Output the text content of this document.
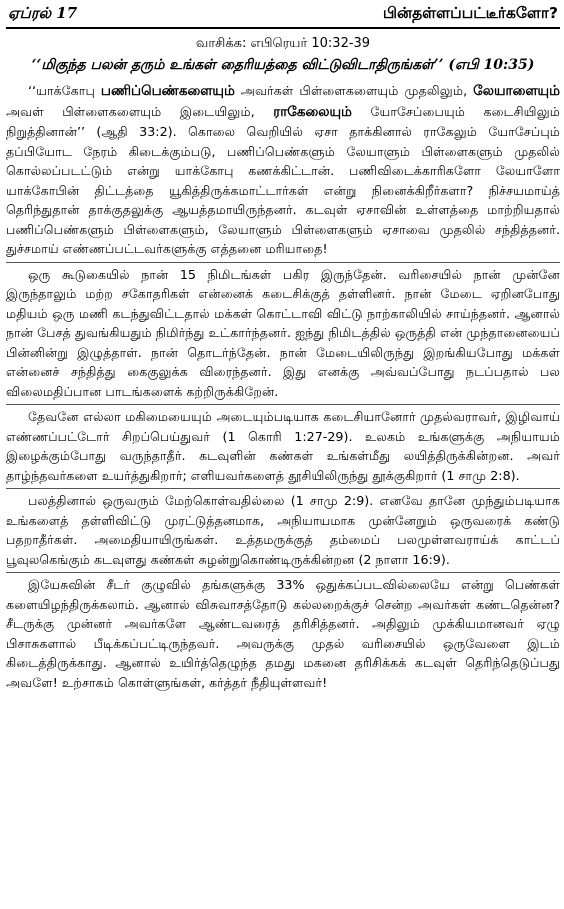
ஏப்ரல் 17	பின்தள்ளப்பட்டீர்களோ?
வாசிக்க: எபிரெயர் 10:32-39
‘‘மிகுந்த பலன் தரும் உங்கள் தைரியத்தை விட்டுவிடாதிருங்கள்’’ (எபி 10:35)

‘‘யாக்கோபு பணிப்பெண்களையும் அவர்கள் பிள்ளைகளையும் முதலிலும், லேயாளையும் அவள் பிள்ளைகளையும் இடையிலும், ராகேலையும் யோசேப்பையும் கடைசியிலும் நிறுத்தினான்’’ (ஆதி 33:2). கொலை வெறியில் ஏசா தாக்கினால் ராகேலும் யோசேப்பும் தப்பியோட நேரம் கிடைக்கும்படு, பணிப்பெண்களும் லேயாளும் பிள்ளைகளும் முதலில் கொல்லப்படட்டும் என்று யாக்கோபு கணக்கிட்டான். பணிவிடைக்காரிகளோ லேயாளோ யாக்கோபின் திட்டத்தை யூகித்திருக்கமாட்டார்கள் என்று நினைக்கிறீர்களா? நிச்சயமாய்த் தெரிந்துதான் தாக்குதலுக்கு ஆயத்தமாயிருந்தனர். கடவுள் ஏசாவின் உள்ளத்தை மாற்றியதால் பணிப்பெண்களும் பிள்ளைகளும், லேயாளும் பிள்ளைகளும் ஏசாவை முதலில் சந்தித்தனர். துச்சமாய் எண்ணப்பட்டவர்களுக்கு எத்தனை மரியாதை!

ஒரு கூடுகையில் நான் 15 நிமிடங்கள் பகிர இருந்தேன். வரிசையில் நான் முன்னே இருந்தாலும் மற்ற சகோதரிகள் என்னைக் கடைசிக்குத் தள்ளினர். நான் மேடை ஏறினபோது மதியம் ஒரு மணி கடந்துவிட்டதால் மக்கள் கொட்டாவி விட்டு நாற்காலியில் சாய்ந்தனர். ஆனால் நான் பேசத் துவங்கியதும் நிமிர்ந்து உட்கார்ந்தனர். ஐந்து நிமிடத்தில் ஒருத்தி என் முந்தானையைப் பின்னின்று இழுத்தாள். நான் தொடர்ந்தேன். நான் மேடையிலிருந்து இறங்கியபோது மக்கள் என்னைச் சந்தித்து கைகுலுக்க விரைந்தனர். இது எனக்கு அவ்வப்போது நடப்பதால் பல விலைமதிப்பான பாடங்களைக் கற்றிருக்கிறேன்.

தேவனே எல்லா மகிமையையும் அடையும்படியாக கடைசியானோர் முதல்வராவர், இழிவாய் எண்ணப்பட்டோர் சிறப்பெய்துவர் (1 கொரி 1:27-29). உலகம் உங்களுக்கு அநியாயம் இழைக்கும்போது வருந்தாதீர். கடவுளின் கண்கள் உங்கள்மீது லயித்திருக்கின்றன. அவர் தாழ்ந்தவர்களை உயர்த்துகிறார்; எளியவர்களைத் தூசியிலிருந்து தூக்குகிறார் (1 சாமு 2:8).

பலத்தினால் ஒருவரும் மேற்கொள்வதில்லை (1 சாமு 2:9). எனவே தானே முந்தும்படியாக உங்களைத் தள்ளிவிட்டு முரட்டுத்தனமாக, அநியாயமாக முன்னேறும் ஒருவரைக் கண்டு பதறாதீர்கள். அமைதியாயிருங்கள். உத்தமருக்குத் தம்மைப் பலமுள்ளவராய்க் காட்டப் பூவுலகெங்கும் கடவுளது கண்கள் சுழன்றுகொண்டிருக்கின்றன (2 நாளா 16:9).

இயேசுவின் சீடர் குழுவில் தங்களுக்கு 33% ஒதுக்கப்படவில்லையே என்று பெண்கள் களையிழந்திருக்கலாம். ஆனால் விசுவாசத்தோடு கல்லறைக்குச் சென்ற அவர்கள் கண்டதென்ன? சீடருக்கு முன்னர் அவர்களே ஆண்டவரைத் தரிசித்தனர். அதிலும் முக்கியமானவர் ஏழு பிசாசுகளால் பீடிக்கப்பட்டிருந்தவர். அவருக்கு முதல் வரிசையில் ஒருவேளை இடம் கிடைத்திருக்காது. ஆனால் உயிர்த்தெழுந்த தமது மகனை தரிசிக்கக் கடவுள் தெரிந்தெடுப்பது அவளே! உற்சாகம் கொள்ளுங்கள், கர்த்தர் நீதியுள்ளவர்!
